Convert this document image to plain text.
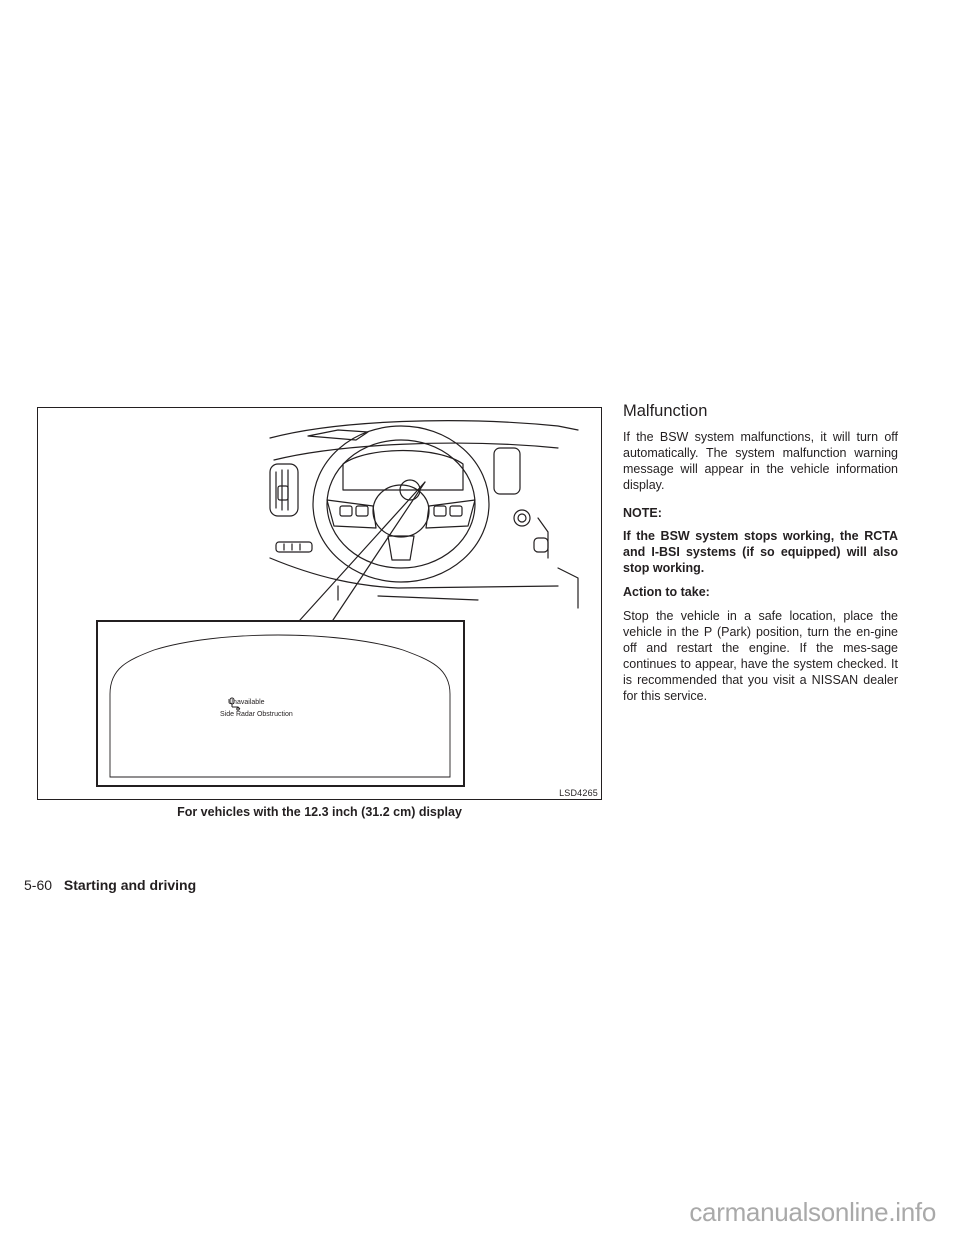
Unavailable
Side Radar Obstruction
LSD4265
For vehicles with the 12.3 inch (31.2 cm) display
Malfunction

If the BSW system malfunctions, it will turn off automatically. The system malfunction warning message will appear in the vehicle information display.

NOTE:

If the BSW system stops working, the RCTA and I-BSI systems (if so equipped) will also stop working.

Action to take:

Stop the vehicle in a safe location, place the vehicle in the P (Park) position, turn the en-gine off and restart the engine. If the mes-sage continues to appear, have the system checked. It is recommended that you visit a NISSAN dealer for this service.

5-60 Starting and driving
carmanualsonline.info
